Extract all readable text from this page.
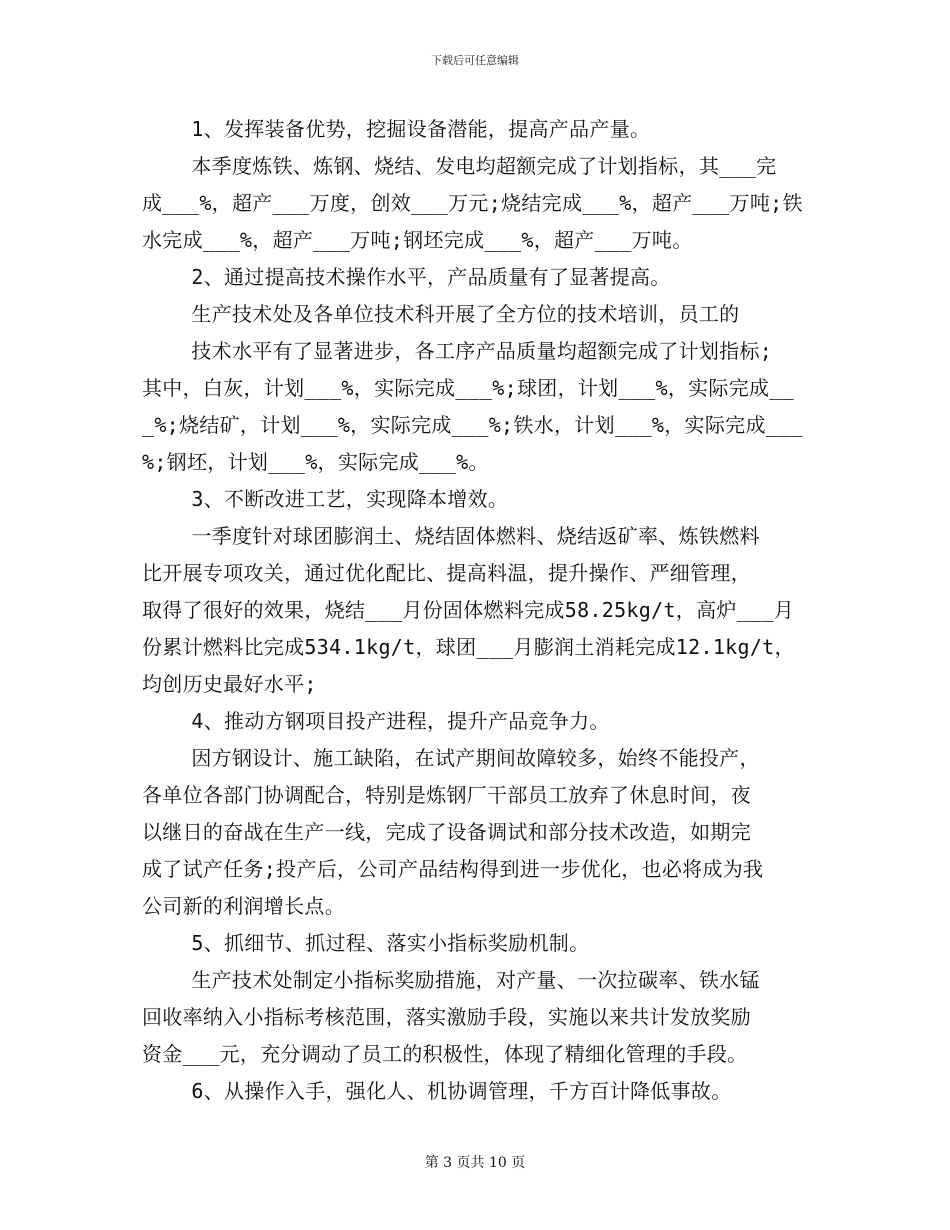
下载后可任意编辑
1、发挥装备优势，挖掘设备潜能，提高产品产量。
本季度炼铁、炼钢、烧结、发电均超额完成了计划指标，其___完
成___%，超产___万度，创效___万元;烧结完成___%，超产___万吨;铁
水完成___%，超产___万吨;钢坯完成___%，超产___万吨。
2、通过提高技术操作水平，产品质量有了显著提高。
生产技术处及各单位技术科开展了全方位的技术培训，员工的
技术水平有了显著进步，各工序产品质量均超额完成了计划指标;
其中，白灰，计划___%，实际完成___%;球团，计划___%，实际完成__
_%;烧结矿，计划___%，实际完成___%;铁水，计划___%，实际完成___
%;钢坯，计划___%，实际完成___%。
3、不断改进工艺，实现降本增效。
一季度针对球团膨润土、烧结固体燃料、烧结返矿率、炼铁燃料
比开展专项攻关，通过优化配比、提高料温，提升操作、严细管理，
取得了很好的效果，烧结___月份固体燃料完成58.25kg/t，高炉___月
份累计燃料比完成534.1kg/t，球团___月膨润土消耗完成12.1kg/t，
均创历史最好水平;
4、推动方钢项目投产进程，提升产品竞争力。
因方钢设计、施工缺陷，在试产期间故障较多，始终不能投产，
各单位各部门协调配合，特别是炼钢厂干部员工放弃了休息时间，夜
以继日的奋战在生产一线，完成了设备调试和部分技术改造，如期完
成了试产任务;投产后，公司产品结构得到进一步优化，也必将成为我
公司新的利润增长点。
5、抓细节、抓过程、落实小指标奖励机制。
生产技术处制定小指标奖励措施，对产量、一次拉碳率、铁水锰
回收率纳入小指标考核范围，落实激励手段，实施以来共计发放奖励
资金___元，充分调动了员工的积极性，体现了精细化管理的手段。
6、从操作入手，强化人、机协调管理，千方百计降低事故。
第 3 页共 10 页
